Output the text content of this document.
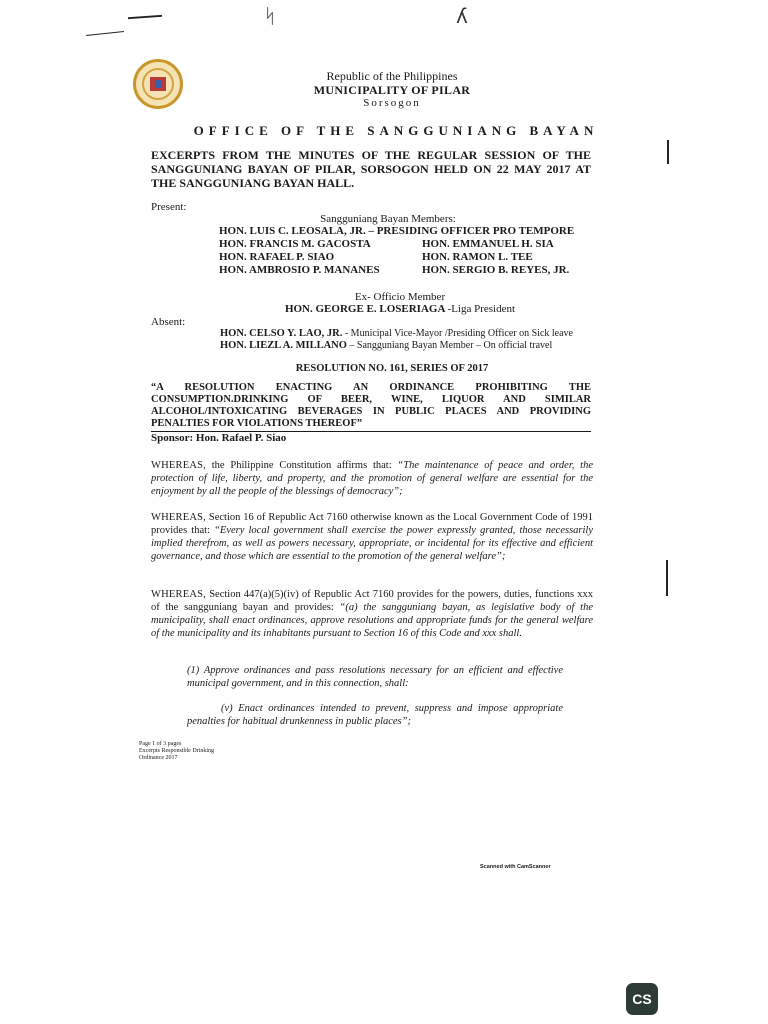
ᛋ	ʎ
Republic of the Philippines
MUNICIPALITY OF PILAR
Sorsogon
OFFICE OF THE SANGGUNIANG BAYAN
EXCERPTS FROM THE MINUTES OF THE REGULAR SESSION OF THE SANGGUNIANG BAYAN OF PILAR, SORSOGON HELD ON 22 MAY 2017 AT THE SANGGUNIANG BAYAN HALL.
Present:
Sangguniang Bayan Members:
HON. LUIS C. LEOSALA, JR. – PRESIDING OFFICER PRO TEMPORE
HON. FRANCIS M. GACOSTA	HON. EMMANUEL H. SIA
HON. RAFAEL P. SIAO	HON. RAMON L. TEE
HON. AMBROSIO P. MANANES	HON. SERGIO B. REYES, JR.
Ex- Officio Member
HON. GEORGE E. LOSERIAGA -Liga President
Absent:
HON. CELSO Y. LAO, JR. - Municipal Vice-Mayor /Presiding Officer on Sick leave
HON. LIEZL A. MILLANO – Sangguniang Bayan Member – On official travel
RESOLUTION NO. 161, SERIES OF 2017
“A RESOLUTION ENACTING AN ORDINANCE PROHIBITING THE CONSUMPTION.DRINKING OF BEER, WINE, LIQUOR AND SIMILAR ALCOHOL/INTOXICATING BEVERAGES IN PUBLIC PLACES AND PROVIDING PENALTIES FOR VIOLATIONS THEREOF”
Sponsor: Hon. Rafael P. Siao
WHEREAS, the Philippine Constitution affirms that: “The maintenance of peace and order, the protection of life, liberty, and property, and the promotion of general welfare are essential for the enjoyment by all the people of the blessings of democracy”;
WHEREAS, Section 16 of Republic Act 7160 otherwise known as the Local Government Code of 1991 provides that: “Every local government shall exercise the power expressly granted, those necessarily implied therefrom, as well as powers necessary, appropriate, or incidental for its effective and efficient governance, and those which are essential to the promotion of the general welfare”;
WHEREAS, Section 447(a)(5)(iv) of Republic Act 7160 provides for the powers, duties, functions xxx of the sangguniang bayan and provides: “(a) the sangguniang bayan, as legislative body of the municipality, shall enact ordinances, approve resolutions and appropriate funds for the general welfare of the municipality and its inhabitants pursuant to Section 16 of this Code and xxx shall.
(1) Approve ordinances and pass resolutions necessary for an efficient and effective municipal government, and in this connection, shall:
(v) Enact ordinances intended to prevent, suppress and impose appropriate penalties for habitual drunkenness in public places”;
Page 1 of 3 pages
Excerpts Responsible Drinking
Ordinance 2017
Scanned with CamScanner
CS
